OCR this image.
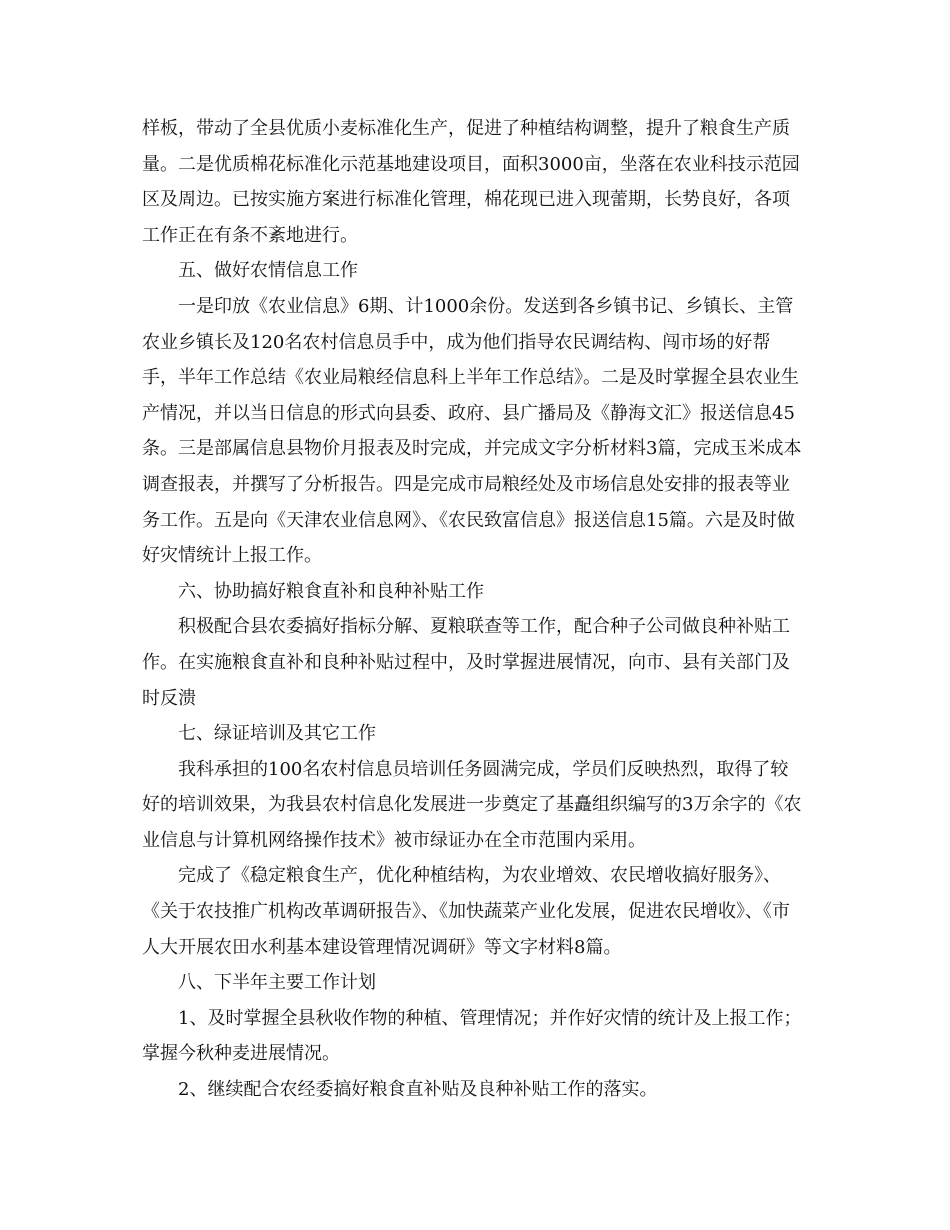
样板，带动了全县优质小麦标准化生产，促进了种植结构调整，提升了粮食生产质量。二是优质棉花标准化示范基地建设项目，面积3000亩，坐落在农业科技示范园区及周边。已按实施方案进行标准化管理，棉花现已进入现蕾期，长势良好，各项工作正在有条不紊地进行。

五、做好农情信息工作

一是印放《农业信息》6期、计1000余份。发送到各乡镇书记、乡镇长、主管农业乡镇长及120名农村信息员手中，成为他们指导农民调结构、闯市场的好帮手，半年工作总结《农业局粮经信息科上半年工作总结》。二是及时掌握全县农业生产情况，并以当日信息的形式向县委、政府、县广播局及《静海文汇》报送信息45条。三是部属信息县物价月报表及时完成，并完成文字分析材料3篇，完成玉米成本调查报表，并撰写了分析报告。四是完成市局粮经处及市场信息处安排的报表等业务工作。五是向《天津农业信息网》、《农民致富信息》报送信息15篇。六是及时做好灾情统计上报工作。

六、协助搞好粮食直补和良种补贴工作

积极配合县农委搞好指标分解、夏粮联查等工作，配合种子公司做良种补贴工作。在实施粮食直补和良种补贴过程中，及时掌握进展情况，向市、县有关部门及时反溃

七、绿证培训及其它工作

我科承担的100名农村信息员培训任务圆满完成，学员们反映热烈，取得了较好的培训效果，为我县农村信息化发展进一步奠定了基矗组织编写的3万余字的《农业信息与计算机网络操作技术》被市绿证办在全市范围内采用。

完成了《稳定粮食生产，优化种植结构，为农业增效、农民增收搞好服务》、《关于农技推广机构改革调研报告》、《加快蔬菜产业化发展，促进农民增收》、《市人大开展农田水利基本建设管理情况调研》等文字材料8篇。

八、下半年主要工作计划

1、及时掌握全县秋收作物的种植、管理情况；并作好灾情的统计及上报工作；掌握今秋种麦进展情况。

2、继续配合农经委搞好粮食直补贴及良种补贴工作的落实。
